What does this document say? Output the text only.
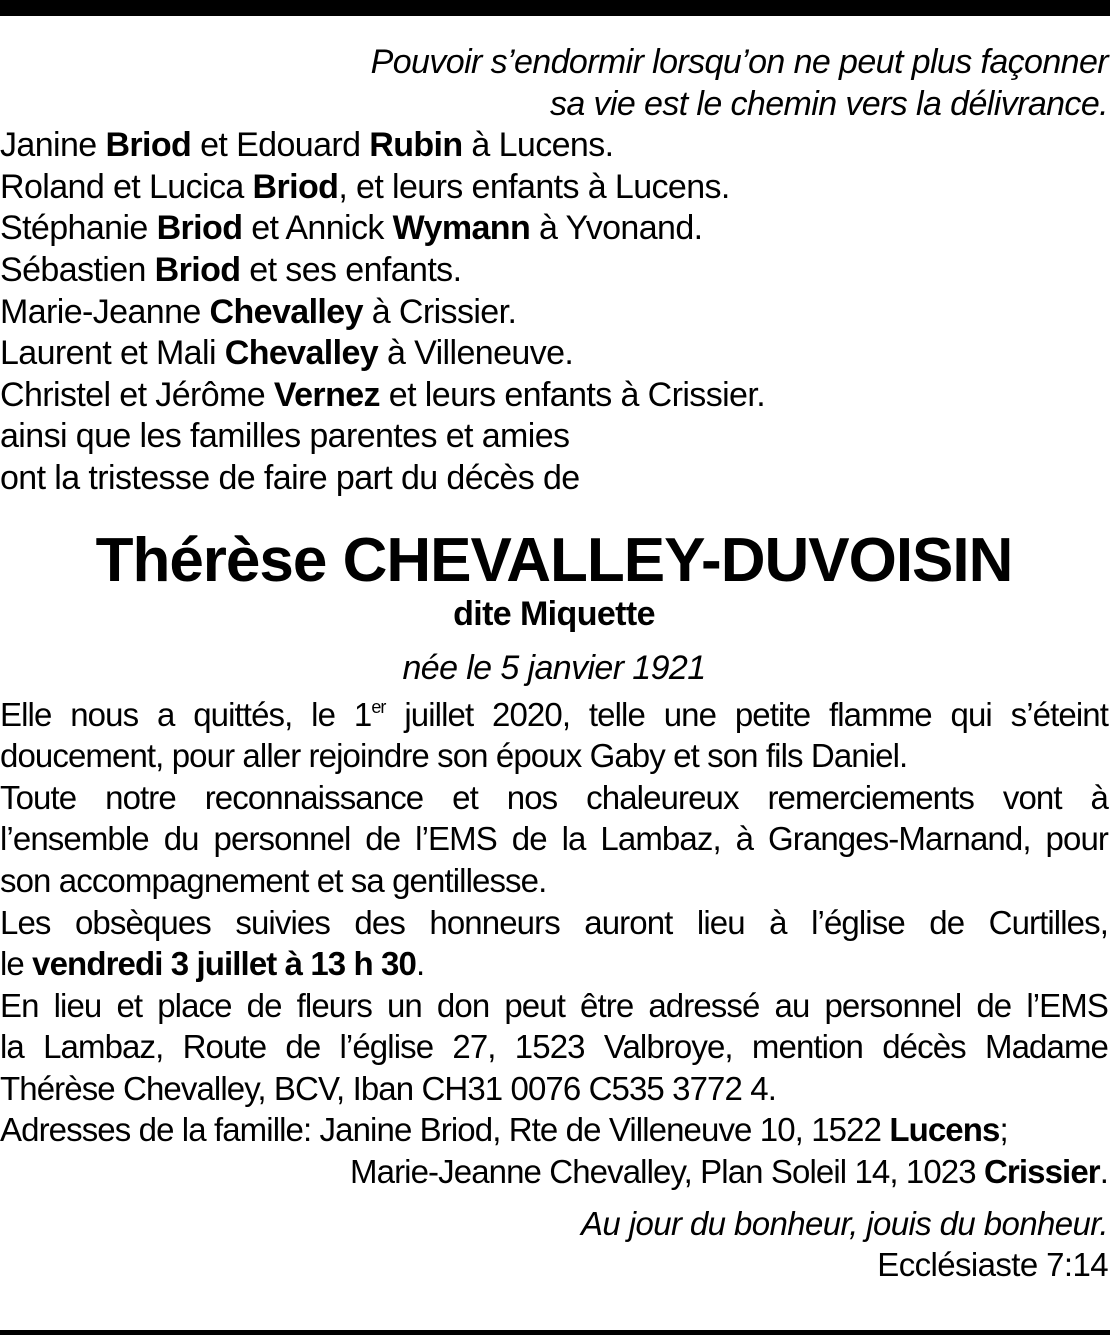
Pouvoir s’endormir lorsqu’on ne peut plus façonner
sa vie est le chemin vers la délivrance.
Janine Briod et Edouard Rubin à Lucens.
Roland et Lucica Briod, et leurs enfants à Lucens.
Stéphanie Briod et Annick Wymann à Yvonand.
Sébastien Briod et ses enfants.
Marie-Jeanne Chevalley à Crissier.
Laurent et Mali Chevalley à Villeneuve.
Christel et Jérôme Vernez et leurs enfants à Crissier.
ainsi que les familles parentes et amies
ont la tristesse de faire part du décès de
Thérèse CHEVALLEY-DUVOISIN
dite Miquette
née le 5 janvier 1921
Elle nous a quittés, le 1er juillet 2020, telle une petite flamme qui s’éteint
doucement, pour aller rejoindre son époux Gaby et son fils Daniel.
Toute notre reconnaissance et nos chaleureux remerciements vont à
l’ensemble du personnel de l’EMS de la Lambaz, à Granges-Marnand, pour
son accompagnement et sa gentillesse.
Les obsèques suivies des honneurs auront lieu à l’église de Curtilles,
le vendredi 3 juillet à 13 h 30.
En lieu et place de fleurs un don peut être adressé au personnel de l’EMS
la Lambaz, Route de l’église 27, 1523 Valbroye, mention décès Madame
Thérèse Chevalley, BCV, Iban CH31 0076 C535 3772 4.
Adresses de la famille: Janine Briod, Rte de Villeneuve 10, 1522 Lucens;
Marie-Jeanne Chevalley, Plan Soleil 14, 1023 Crissier.
Au jour du bonheur, jouis du bonheur.
Ecclésiaste 7:14
